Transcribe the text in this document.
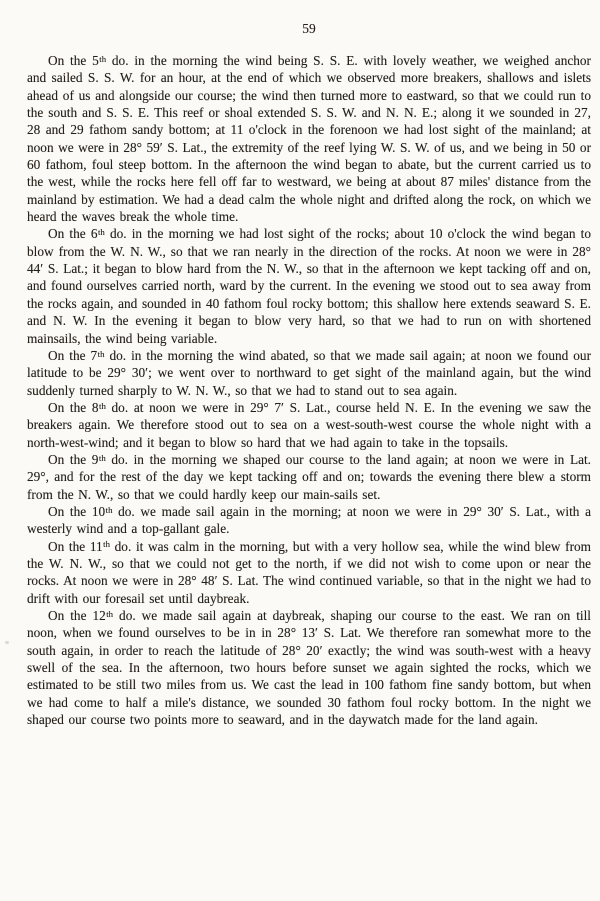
59

On the 5th do. in the morning the wind being S. S. E. with lovely weather, we weighed anchor and sailed S. S. W. for an hour, at the end of which we observed more breakers, shallows and islets ahead of us and alongside our course; the wind then turned more to eastward, so that we could run to the south and S. S. E. This reef or shoal extended S. S. W. and N. N. E.; along it we sounded in 27, 28 and 29 fathom sandy bottom; at 11 o'clock in the forenoon we had lost sight of the mainland; at noon we were in 28° 59′ S. Lat., the extremity of the reef lying W. S. W. of us, and we being in 50 or 60 fathom, foul steep bottom. In the afternoon the wind began to abate, but the current carried us to the west, while the rocks here fell off far to westward, we being at about 87 miles' distance from the mainland by estimation. We had a dead calm the whole night and drifted along the rock, on which we heard the waves break the whole time.

On the 6th do. in the morning we had lost sight of the rocks; about 10 o'clock the wind began to blow from the W. N. W., so that we ran nearly in the direction of the rocks. At noon we were in 28° 44′ S. Lat.; it began to blow hard from the N. W., so that in the afternoon we kept tacking off and on, and found ourselves carried north, ward by the current. In the evening we stood out to sea away from the rocks again, and sounded in 40 fathom foul rocky bottom; this shallow here extends seaward S. E. and N. W. In the evening it began to blow very hard, so that we had to run on with shortened mainsails, the wind being variable.

On the 7th do. in the morning the wind abated, so that we made sail again; at noon we found our latitude to be 29° 30′; we went over to northward to get sight of the mainland again, but the wind suddenly turned sharply to W. N. W., so that we had to stand out to sea again.

On the 8th do. at noon we were in 29° 7′ S. Lat., course held N. E. In the evening we saw the breakers again. We therefore stood out to sea on a west-south-west course the whole night with a north-west-wind; and it began to blow so hard that we had again to take in the topsails.

On the 9th do. in the morning we shaped our course to the land again; at noon we were in Lat. 29°, and for the rest of the day we kept tacking off and on; towards the evening there blew a storm from the N. W., so that we could hardly keep our main-sails set.

On the 10th do. we made sail again in the morning; at noon we were in 29° 30′ S. Lat., with a westerly wind and a top-gallant gale.

On the 11th do. it was calm in the morning, but with a very hollow sea, while the wind blew from the W. N. W., so that we could not get to the north, if we did not wish to come upon or near the rocks. At noon we were in 28° 48′ S. Lat. The wind continued variable, so that in the night we had to drift with our foresail set until daybreak.

On the 12th do. we made sail again at daybreak, shaping our course to the east. We ran on till noon, when we found ourselves to be in in 28° 13′ S. Lat. We therefore ran somewhat more to the south again, in order to reach the latitude of 28° 20′ exactly; the wind was south-west with a heavy swell of the sea. In the afternoon, two hours before sunset we again sighted the rocks, which we estimated to be still two miles from us. We cast the lead in 100 fathom fine sandy bottom, but when we had come to half a mile's distance, we sounded 30 fathom foul rocky bottom. In the night we shaped our course two points more to seaward, and in the daywatch made for the land again.
